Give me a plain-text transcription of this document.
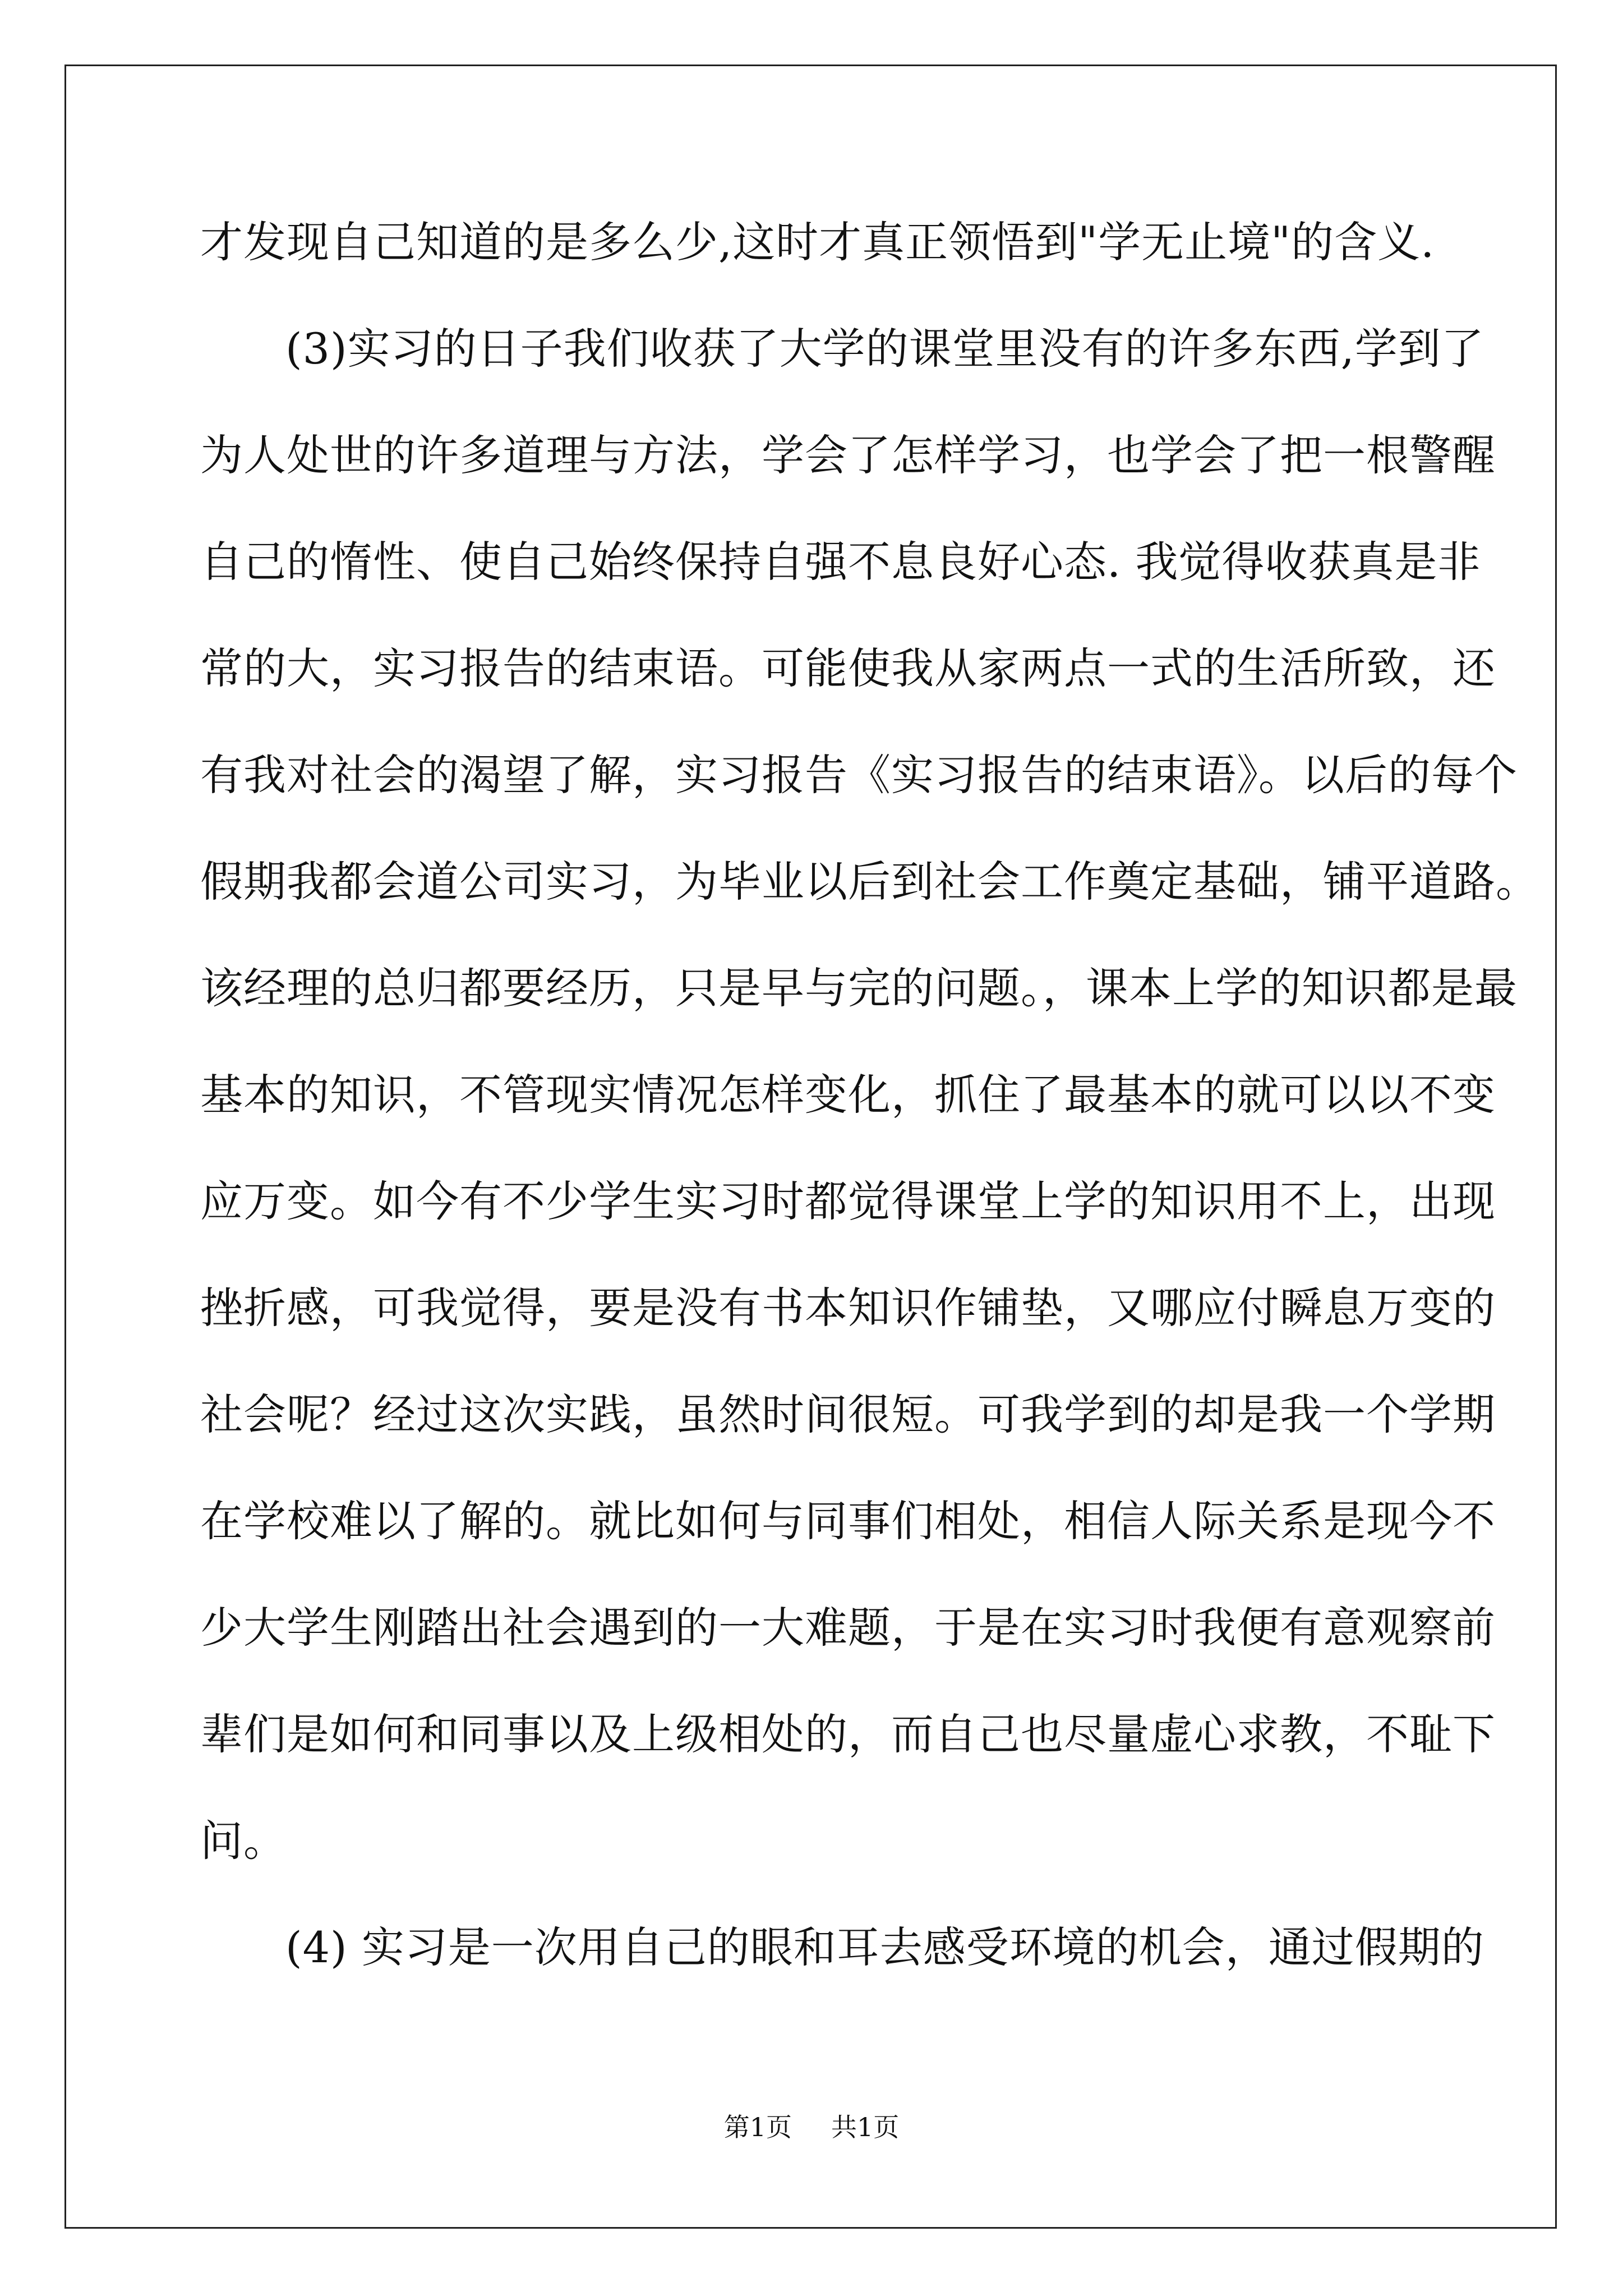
才发现自己知道的是多么少,这时才真正领悟到"学无止境"的含义.
(3)实习的日子我们收获了大学的课堂里没有的许多东西,学到了
为人处世的许多道理与方法，学会了怎样学习，也学会了把一根警醒
自己的惰性、使自己始终保持自强不息良好心态. 我觉得收获真是非
常的大，实习报告的结束语。可能使我从家两点一式的生活所致，还
有我对社会的渴望了解，实习报告《实习报告的结束语》。以后的每个
假期我都会道公司实习，为毕业以后到社会工作奠定基础，铺平道路。
该经理的总归都要经历，只是早与完的问题。，课本上学的知识都是最
基本的知识，不管现实情况怎样变化，抓住了最基本的就可以以不变
应万变。如今有不少学生实习时都觉得课堂上学的知识用不上，出现
挫折感，可我觉得，要是没有书本知识作铺垫，又哪应付瞬息万变的
社会呢？经过这次实践，虽然时间很短。可我学到的却是我一个学期
在学校难以了解的。就比如何与同事们相处，相信人际关系是现今不
少大学生刚踏出社会遇到的一大难题，于是在实习时我便有意观察前
辈们是如何和同事以及上级相处的，而自己也尽量虚心求教，不耻下
问。
(4) 实习是一次用自己的眼和耳去感受环境的机会，通过假期的
第1页 共1页
